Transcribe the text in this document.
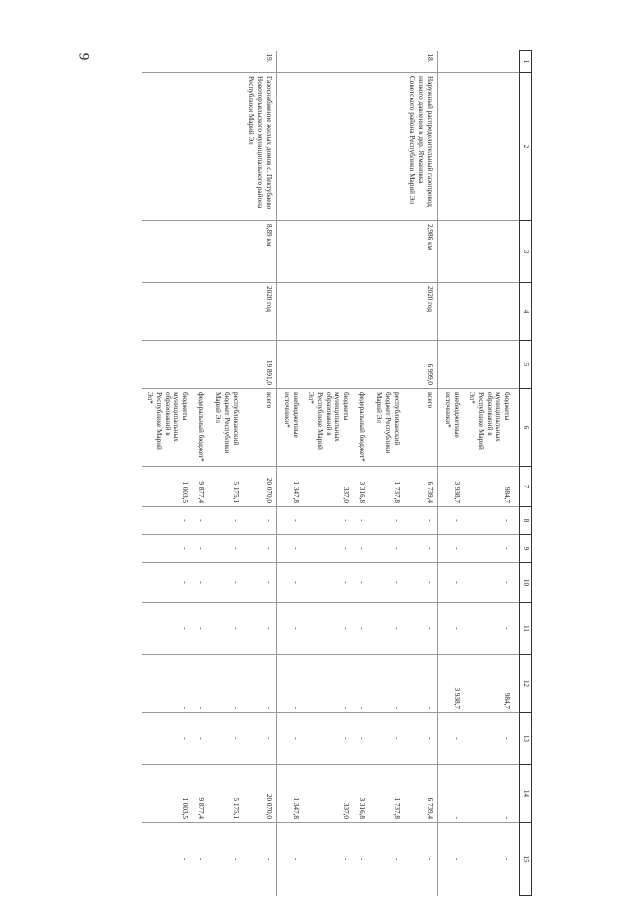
9
1	2	3	4	5	6	7	8	9	10	11	12	13	14	15
					бюджеты муниципальных образований в Республике Марий Эл*	984,7	-	-	-	-	984,7	-	-	-
					внебюджетные источники*	3 938,7	-	-	-	-	3 938,7	-	-	-
18.	Наружный распределительный газопровод низкого давления в дер. Ятмановка Советского района Республики Марий Эл	2,986 км	2020 год	6 999,0	всего	6 739,4	-	-	-	-	-	-	6 739,4	-
					республиканский бюджет Республики Марий Эл	1 737,8	-	-	-	-	-	-	1 737,8	-
					федеральный бюджет*	3 316,8	-	-	-	-	-	-	3 316,8	-
					бюджеты муниципальных образований в Республике Марий Эл*	337,0	-	-	-	-	-	-	337,0	-
					внебюджетные источники*	1 347,8	-	-	-	-	-	-	1 347,8	-
19.	Газоснабжение жилых домов с. Пектубаево Новоторъяльского муниципального района Республики Марий Эл	8,89 км	2020 год	19 891,0	всего	20 070,0	-	-	-	-	-	-	20 070,0	-
					республиканский бюджет Республики Марий Эл	5 175,1	-	-	-	-	-	-	5 175,1	-
					федеральный бюджет*	9 877,4	-	-	-	-	-	-	9 877,4	-
					бюджеты муниципальных образований в Республике Марий Эл*	1 003,5	-	-	-	-	-	-	1 003,5	-
